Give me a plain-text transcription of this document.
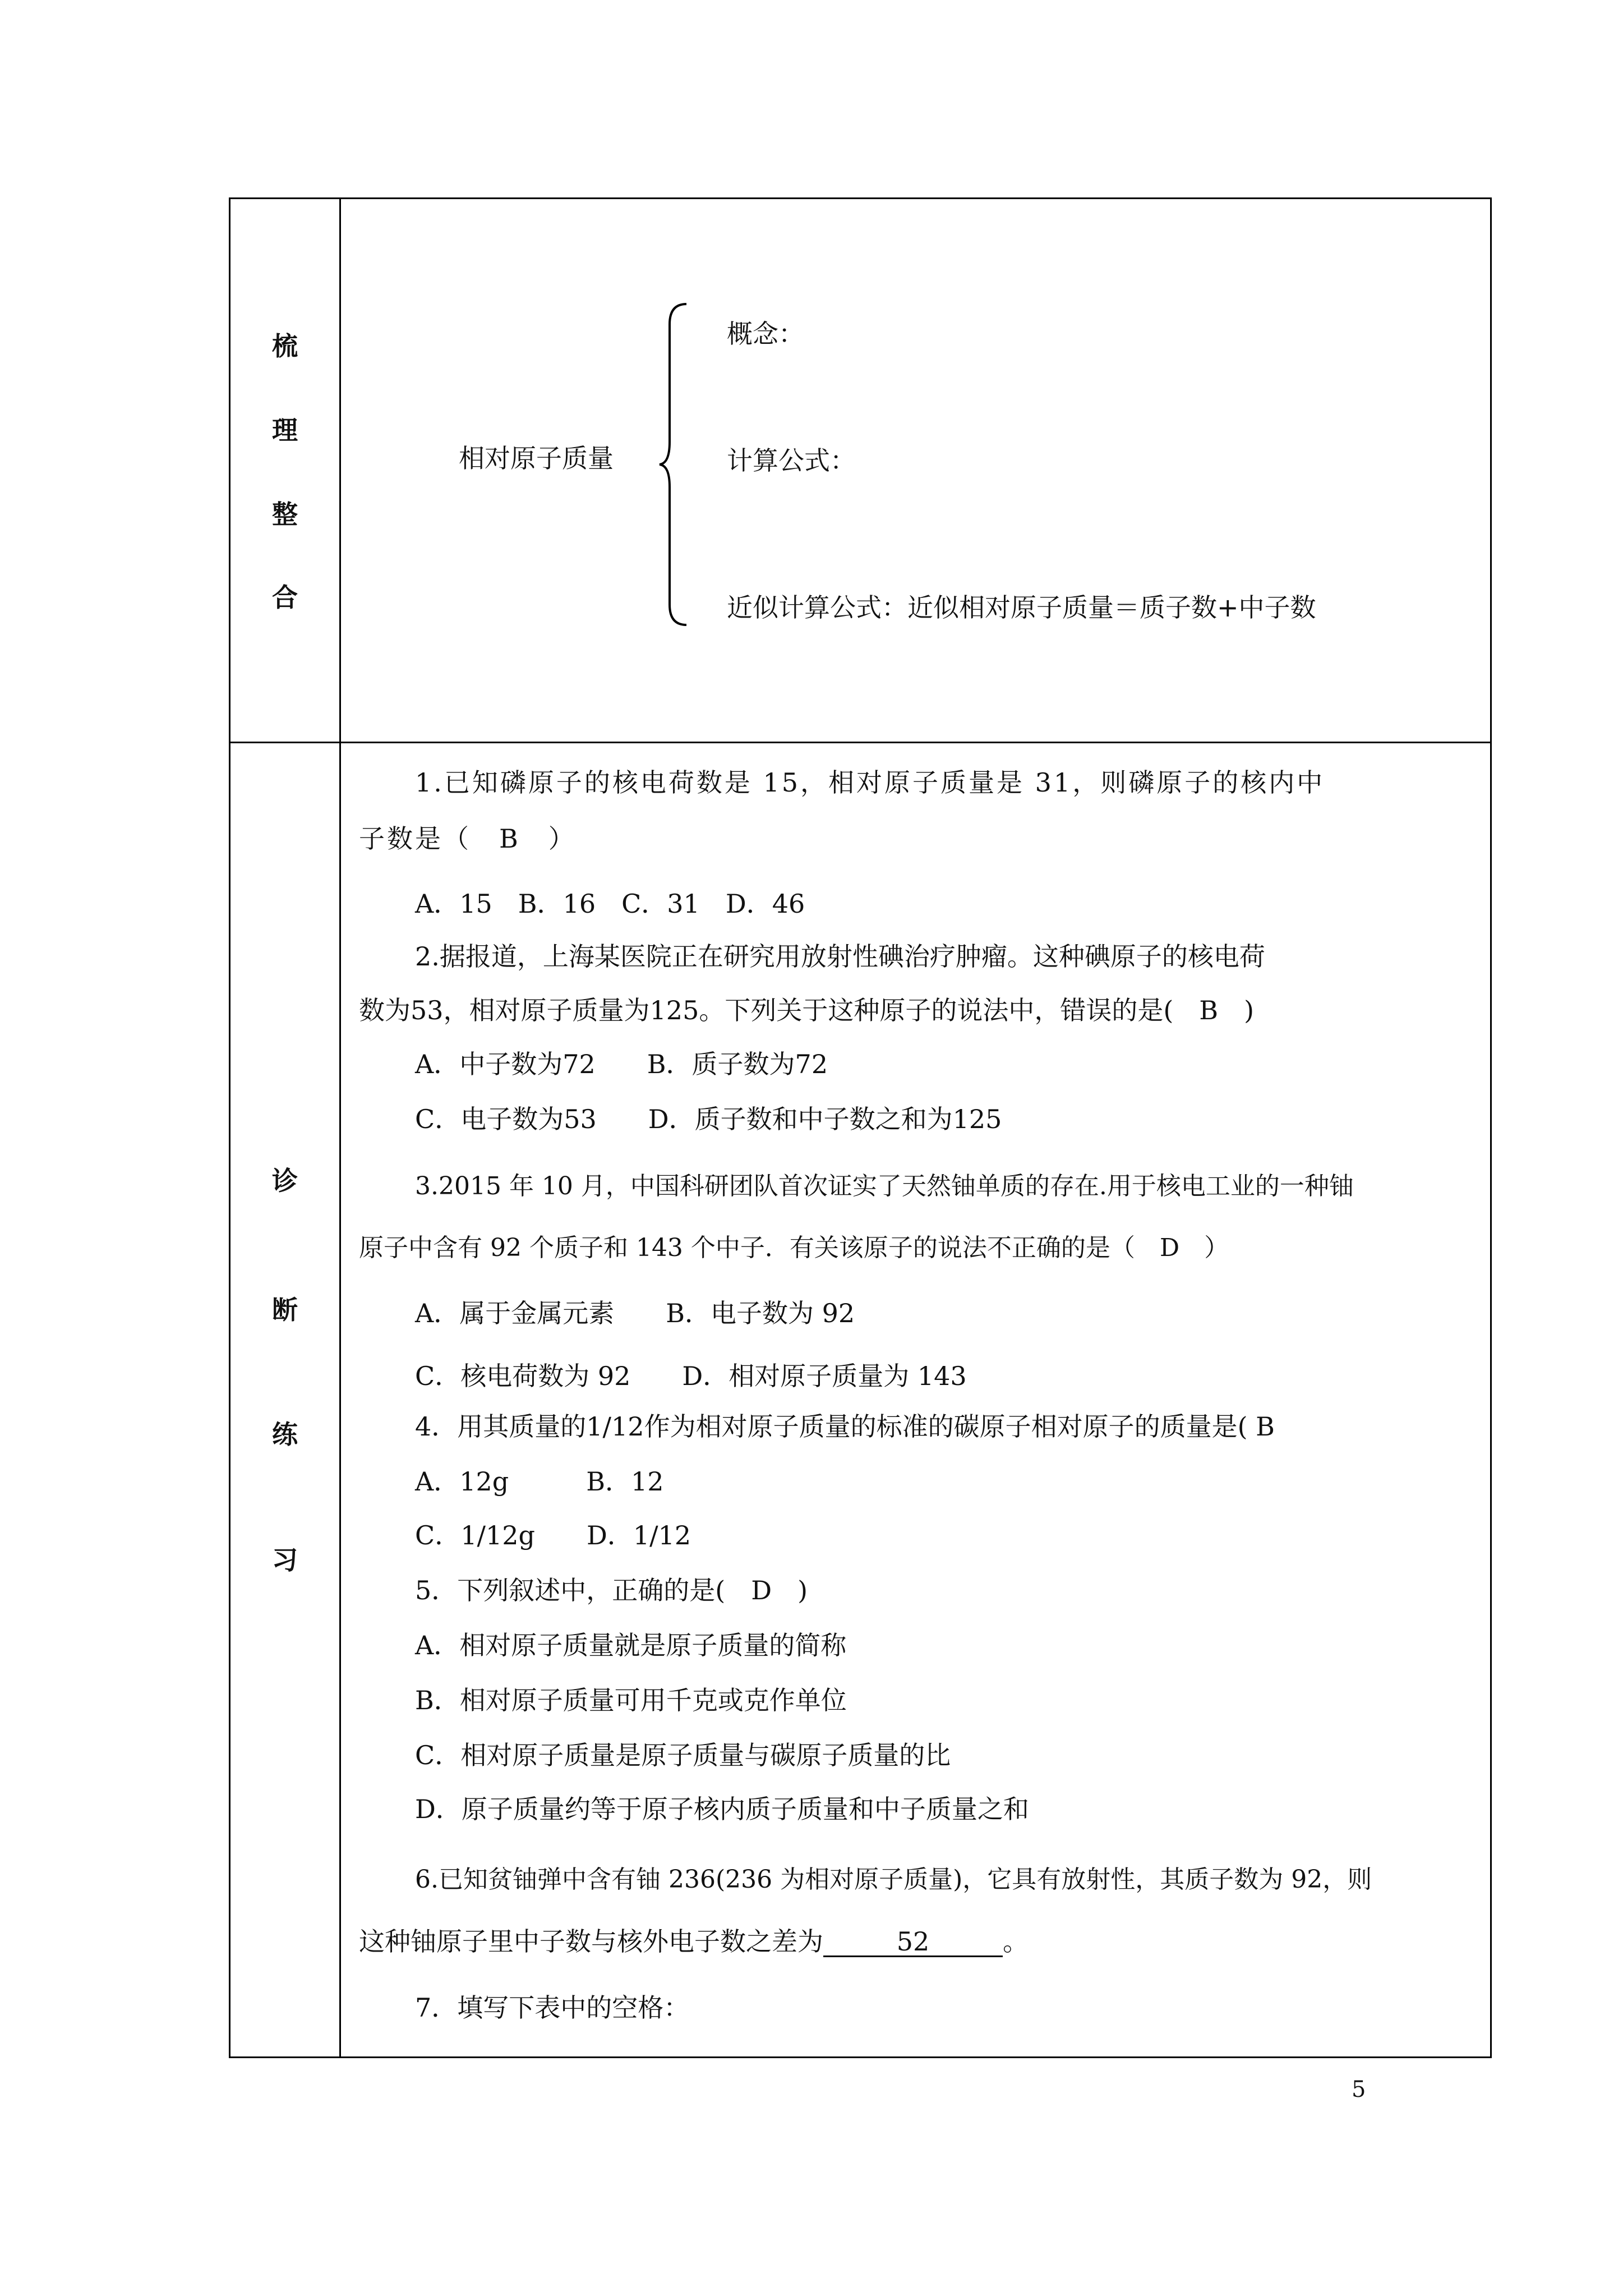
梳
理
整
合
相对原子质量
概念：
计算公式：
近似计算公式：近似相对原子质量＝质子数+中子数
诊
断
练
习
1.已知磷原子的核电荷数是 15，相对原子质量是 31，则磷原子的核内中
子数是（　B　）
A．15　B．16　C．31　D．46
2.据报道，上海某医院正在研究用放射性碘治疗肿瘤。这种碘原子的核电荷
数为53，相对原子质量为125。下列关于这种原子的说法中，错误的是(　B　)
A．中子数为72　　B．质子数为72
C．电子数为53　　D．质子数和中子数之和为125
3.2015 年 10 月，中国科研团队首次证实了天然铀单质的存在.用于核电工业的一种铀
原子中含有 92 个质子和 143 个中子．有关该原子的说法不正确的是（　D　）
A．属于金属元素　　B．电子数为 92
C．核电荷数为 92　　D．相对原子质量为 143
4．用其质量的1/12作为相对原子质量的标准的碳原子相对原子的质量是( B
A．12g　　　B．12
C．1/12g　　D．1/12
5．下列叙述中，正确的是(　D　)
A．相对原子质量就是原子质量的简称
B．相对原子质量可用千克或克作单位
C．相对原子质量是原子质量与碳原子质量的比
D．原子质量约等于原子核内质子质量和中子质量之和
6.已知贫铀弹中含有铀 236(236 为相对原子质量)，它具有放射性，其质子数为 92，则
这种铀原子里中子数与核外电子数之差为	52	。
7．填写下表中的空格：
5
